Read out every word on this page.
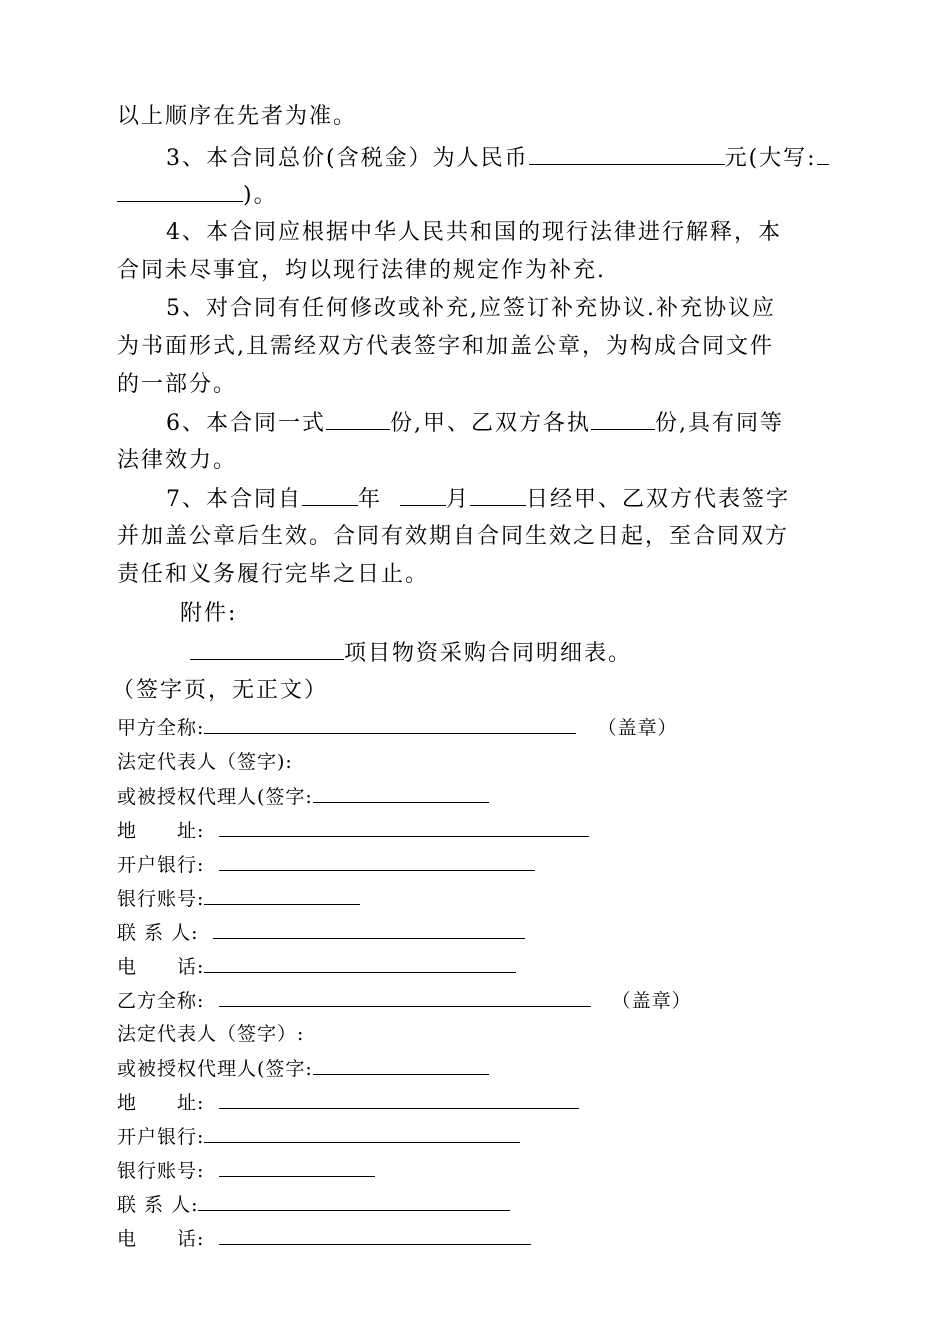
以上顺序在先者为准。
3、本合同总价(含税金）为人民币	元(大写:
)。
4、本合同应根据中华人民共和国的现行法律进行解释，本
合同未尽事宜，均以现行法律的规定作为补充.
5、对合同有任何修改或补充,应签订补充协议.补充协议应
为书面形式,且需经双方代表签字和加盖公章，为构成合同文件
的一部分。
6、本合同一式	份,甲、乙双方各执	份,具有同等
法律效力。
7、本合同自	年	月	日经甲、乙双方代表签字
并加盖公章后生效。合同有效期自合同生效之日起，至合同双方
责任和义务履行完毕之日止。
附件:
项目物资采购合同明细表。
（签字页，无正文）
甲方全称:	（盖章）
法定代表人（签字):
或被授权代理人(签字:
地　　址:
开户银行:
银行账号:
联 系 人:
电　　话:
乙方全称:	（盖章）
法定代表人（签字）:
或被授权代理人(签字:
地　　址:
开户银行:
银行账号:
联 系 人:
电　　话:
